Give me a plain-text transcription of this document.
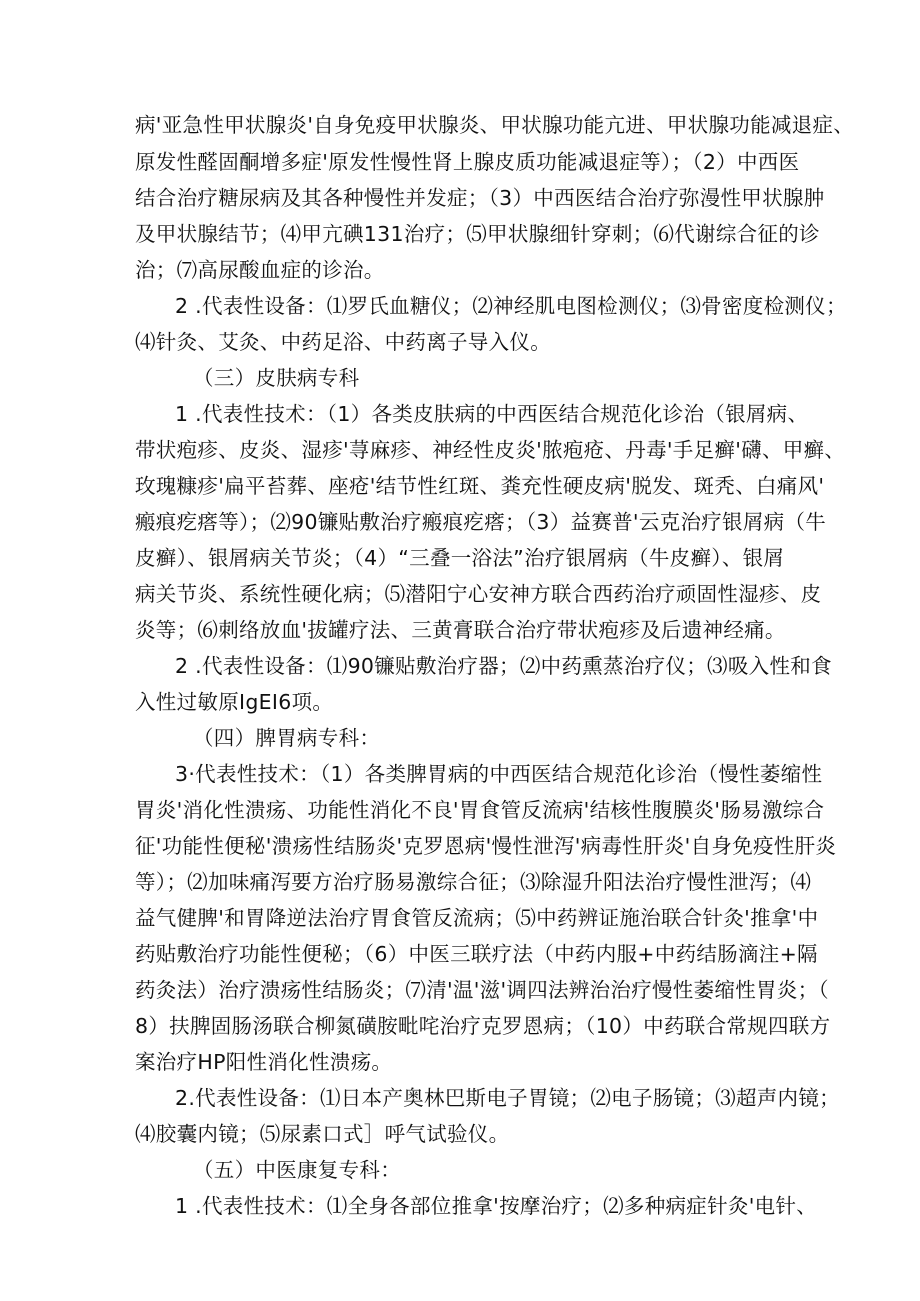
病'亚急性甲状腺炎'自身免疫甲状腺炎、甲状腺功能亢进、甲状腺功能减退症、
原发性醛固酮增多症'原发性慢性肾上腺皮质功能减退症等）；（2）中西医
结合治疗糖尿病及其各种慢性并发症；（3）中西医结合治疗弥漫性甲状腺肿
及甲状腺结节；⑷甲亢碘131治疗；⑸甲状腺细针穿刺；⑹代谢综合征的诊
治；⑺高尿酸血症的诊治。
2 .代表性设备：⑴罗氏血糖仪；⑵神经肌电图检测仪；⑶骨密度检测仪；
⑷针灸、艾灸、中药足浴、中药离子导入仪。
（三）皮肤病专科
1 .代表性技术：（1）各类皮肤病的中西医结合规范化诊治（银屑病、
带状疱疹、皮炎、湿疹'荨麻疹、神经性皮炎'脓疱疮、丹毒'手足癣'礴、甲癣、
玫瑰糠疹'扁平苔葬、座疮'结节性红斑、粪充性硬皮病'脱发、斑秃、白痛风'
瘢痕疙瘩等）；⑵90镰贴敷治疗瘢痕疙瘩；（3）益赛普'云克治疗银屑病（牛
皮癣）、银屑病关节炎；（4）“三叠一浴法”治疗银屑病（牛皮癣）、银屑
病关节炎、系统性硬化病；⑸潜阳宁心安神方联合西药治疗顽固性湿疹、皮
炎等；⑹刺络放血'拔罐疗法、三黄膏联合治疗带状疱疹及后遗神经痛。
2 .代表性设备：⑴90镰贴敷治疗器；⑵中药熏蒸治疗仪；⑶吸入性和食
入性过敏原IgEI6项。
（四）脾胃病专科：
3·代表性技术：（1）各类脾胃病的中西医结合规范化诊治（慢性萎缩性
胃炎'消化性溃疡、功能性消化不良'胃食管反流病'结核性腹膜炎'肠易激综合
征'功能性便秘'溃疡性结肠炎'克罗恩病'慢性泄泻'病毒性肝炎'自身免疫性肝炎
等）；⑵加味痛泻要方治疗肠易激综合征；⑶除湿升阳法治疗慢性泄泻；⑷
益气健脾'和胃降逆法治疗胃食管反流病；⑸中药辨证施治联合针灸'推拿'中
药贴敷治疗功能性便秘；（6）中医三联疗法（中药内服+中药结肠滴注+隔
药灸法）治疗溃疡性结肠炎；⑺清'温'滋'调四法辨治治疗慢性萎缩性胃炎；（
8）扶脾固肠汤联合柳氮磺胺毗咤治疗克罗恩病；（10）中药联合常规四联方
案治疗HP阳性消化性溃疡。
2.代表性设备：⑴日本产奥林巴斯电子胃镜；⑵电子肠镜；⑶超声内镜；
⑷胶囊内镜；⑸尿素口式］呼气试验仪。
（五）中医康复专科：
1 .代表性技术：⑴全身各部位推拿'按摩治疗；⑵多种病症针灸'电针、
